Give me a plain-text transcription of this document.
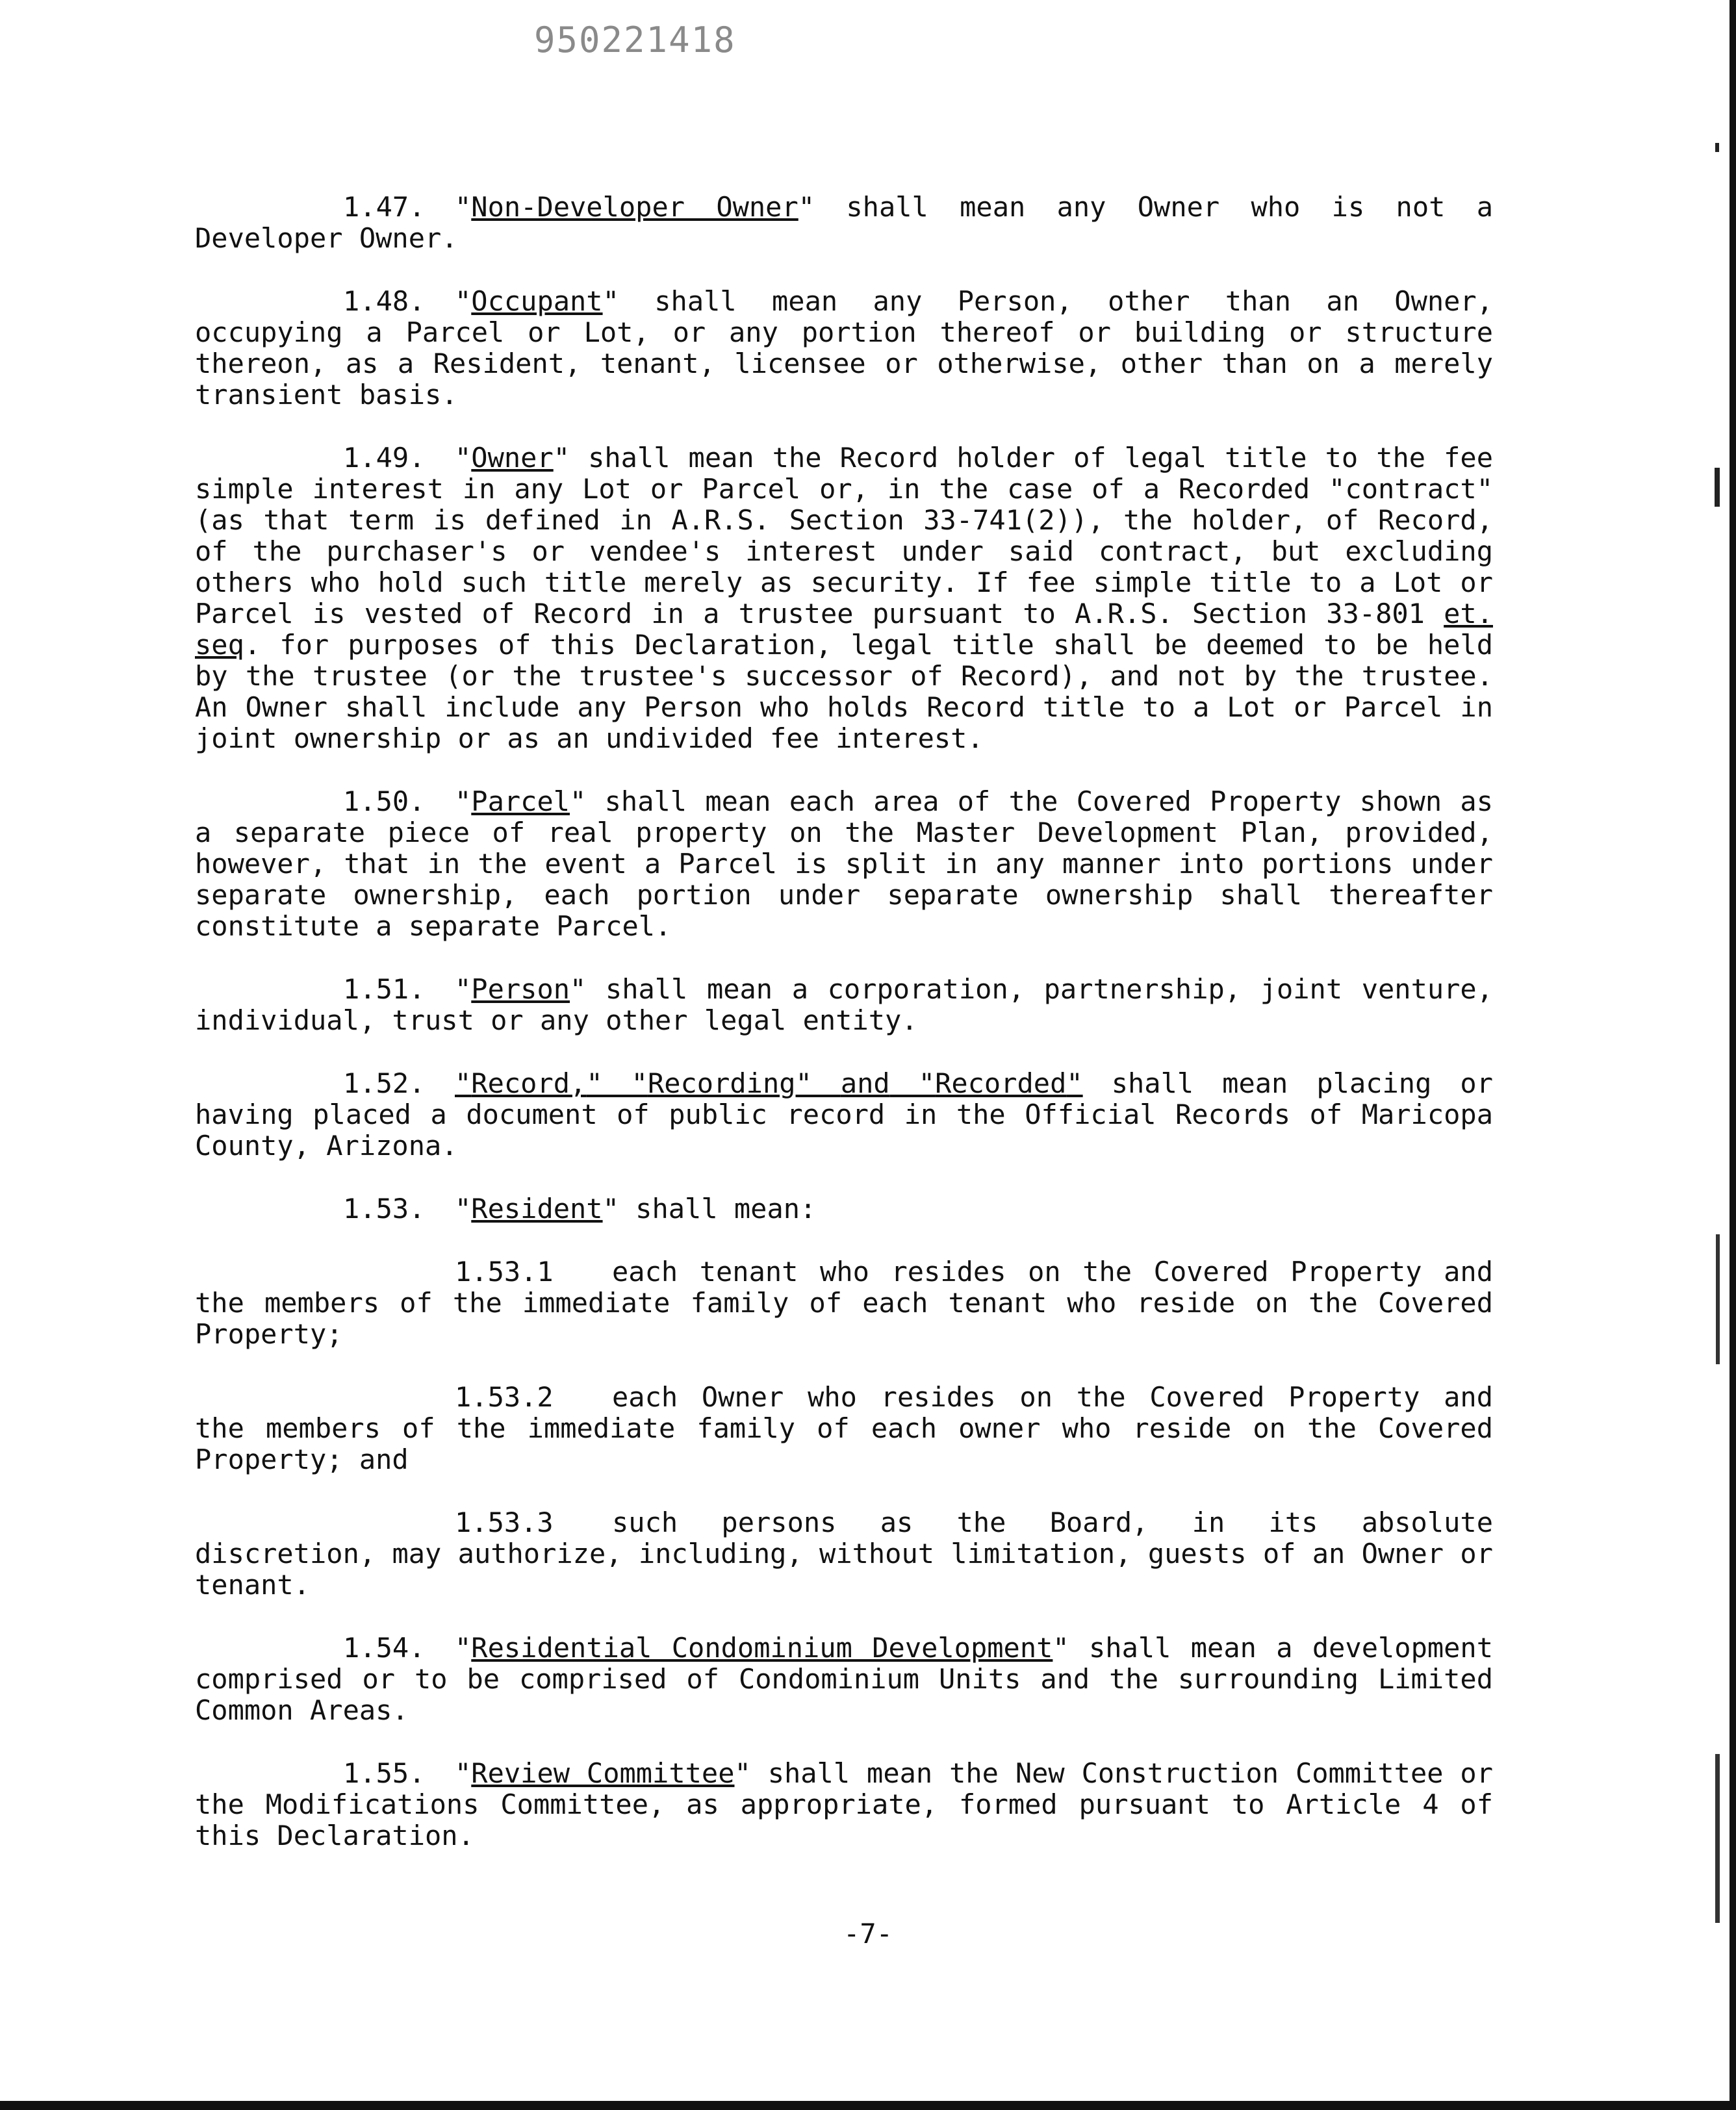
950221418

1.47. "Non-Developer Owner" shall mean any Owner who is not a Developer Owner.

1.48. "Occupant" shall mean any Person, other than an Owner, occupying a Parcel or Lot, or any portion thereof or building or structure thereon, as a Resident, tenant, licensee or otherwise, other than on a merely transient basis.

1.49. "Owner" shall mean the Record holder of legal title to the fee simple interest in any Lot or Parcel or, in the case of a Recorded "contract" (as that term is defined in A.R.S. Section 33-741(2)), the holder, of Record, of the purchaser's or vendee's interest under said contract, but excluding others who hold such title merely as security. If fee simple title to a Lot or Parcel is vested of Record in a trustee pursuant to A.R.S. Section 33-801 et. seq. for purposes of this Declaration, legal title shall be deemed to be held by the trustee (or the trustee's successor of Record), and not by the trustee. An Owner shall include any Person who holds Record title to a Lot or Parcel in joint ownership or as an undivided fee interest.

1.50. "Parcel" shall mean each area of the Covered Property shown as a separate piece of real property on the Master Development Plan, provided, however, that in the event a Parcel is split in any manner into portions under separate ownership, each portion under separate ownership shall thereafter constitute a separate Parcel.

1.51. "Person" shall mean a corporation, partnership, joint venture, individual, trust or any other legal entity.

1.52. "Record," "Recording" and "Recorded" shall mean placing or having placed a document of public record in the Official Records of Maricopa County, Arizona.

1.53. "Resident" shall mean:

1.53.1 each tenant who resides on the Covered Property and the members of the immediate family of each tenant who reside on the Covered Property;

1.53.2 each Owner who resides on the Covered Property and the members of the immediate family of each owner who reside on the Covered Property; and

1.53.3 such persons as the Board, in its absolute discretion, may authorize, including, without limitation, guests of an Owner or tenant.

1.54. "Residential Condominium Development" shall mean a development comprised or to be comprised of Condominium Units and the surrounding Limited Common Areas.

1.55. "Review Committee" shall mean the New Construction Committee or the Modifications Committee, as appropriate, formed pursuant to Article 4 of this Declaration.

-7-
